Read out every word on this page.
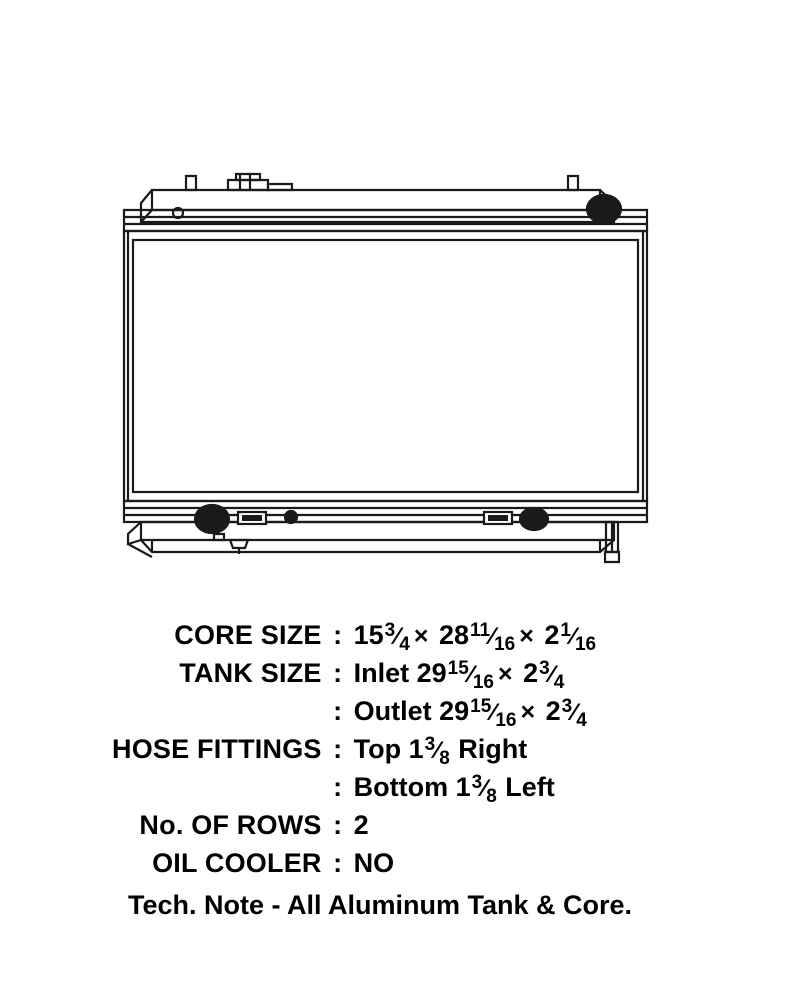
CORE SIZE	:	$15^3⁄_4$ × $28^{11}⁄_{16}$ × $2^1⁄_{16}$
TANK SIZE	:	Inlet $29^{15}⁄_{16}$ × $2^3⁄_4$
	:	Outlet $29^{15}⁄_{16}$ × $2^3⁄_4$
HOSE FITTINGS	:	Top $1^3⁄_8$ Right
	:	Bottom $1^3⁄_8$ Left
No. OF ROWS	:	2
OIL COOLER	:	NO
Tech. Note - All Aluminum Tank & Core.
